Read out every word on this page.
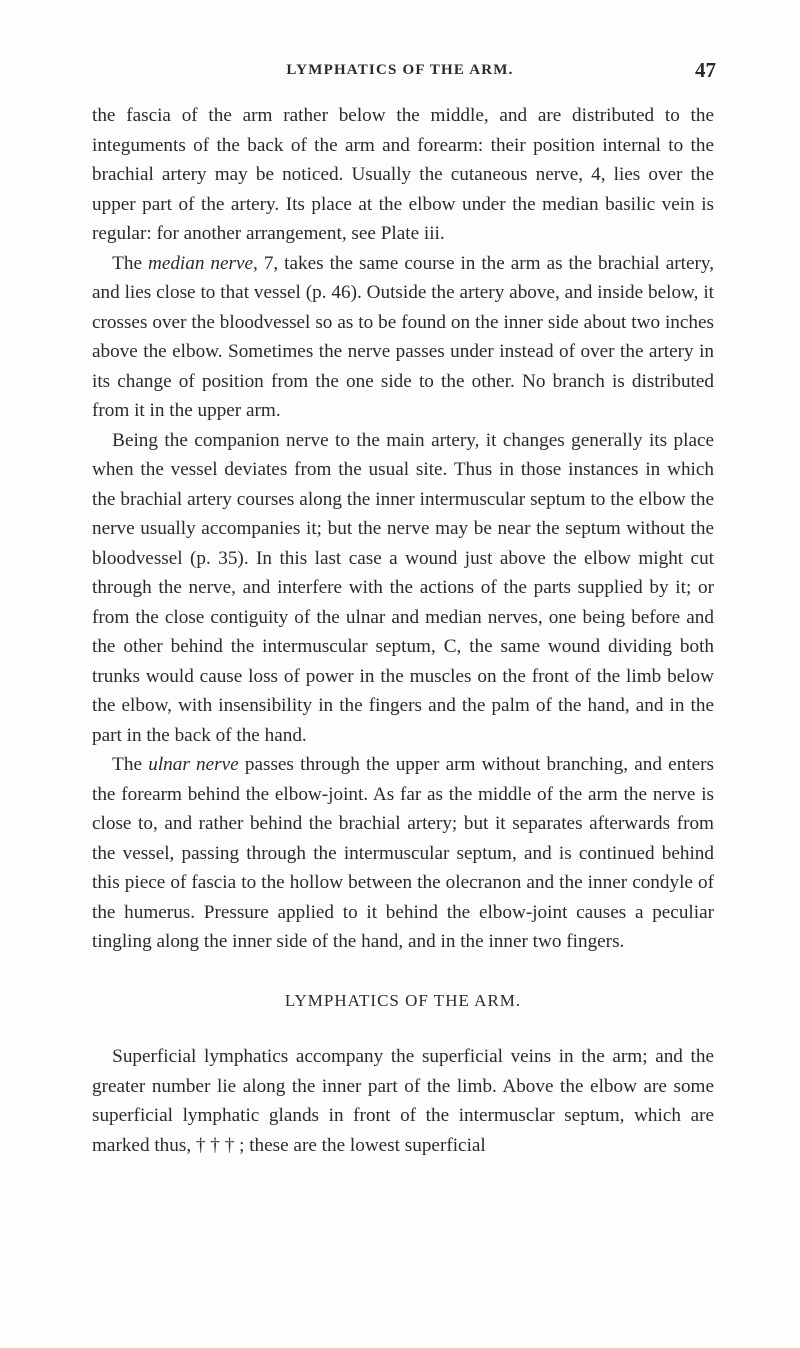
LYMPHATICS OF THE ARM.	47

the fascia of the arm rather below the middle, and are distributed to the integuments of the back of the arm and forearm: their position internal to the brachial artery may be noticed. Usually the cutaneous nerve, 4, lies over the upper part of the artery. Its place at the elbow under the median basilic vein is regular: for another arrangement, see Plate iii.

The median nerve, 7, takes the same course in the arm as the brachial artery, and lies close to that vessel (p. 46). Outside the artery above, and inside below, it crosses over the bloodvessel so as to be found on the inner side about two inches above the elbow. Sometimes the nerve passes under instead of over the artery in its change of position from the one side to the other. No branch is distributed from it in the upper arm.

Being the companion nerve to the main artery, it changes generally its place when the vessel deviates from the usual site. Thus in those instances in which the brachial artery courses along the inner intermuscular septum to the elbow the nerve usually accompanies it; but the nerve may be near the septum without the bloodvessel (p. 35). In this last case a wound just above the elbow might cut through the nerve, and interfere with the actions of the parts supplied by it; or from the close contiguity of the ulnar and median nerves, one being before and the other behind the intermuscular septum, C, the same wound dividing both trunks would cause loss of power in the muscles on the front of the limb below the elbow, with insensibility in the fingers and the palm of the hand, and in the part in the back of the hand.

The ulnar nerve passes through the upper arm without branching, and enters the forearm behind the elbow-joint. As far as the middle of the arm the nerve is close to, and rather behind the brachial artery; but it separates afterwards from the vessel, passing through the intermuscular septum, and is continued behind this piece of fascia to the hollow between the olecranon and the inner condyle of the humerus. Pressure applied to it behind the elbow-joint causes a peculiar tingling along the inner side of the hand, and in the inner two fingers.

LYMPHATICS OF THE ARM.

Superficial lymphatics accompany the superficial veins in the arm; and the greater number lie along the inner part of the limb. Above the elbow are some superficial lymphatic glands in front of the intermusclar septum, which are marked thus, † † † ; these are the lowest superficial
